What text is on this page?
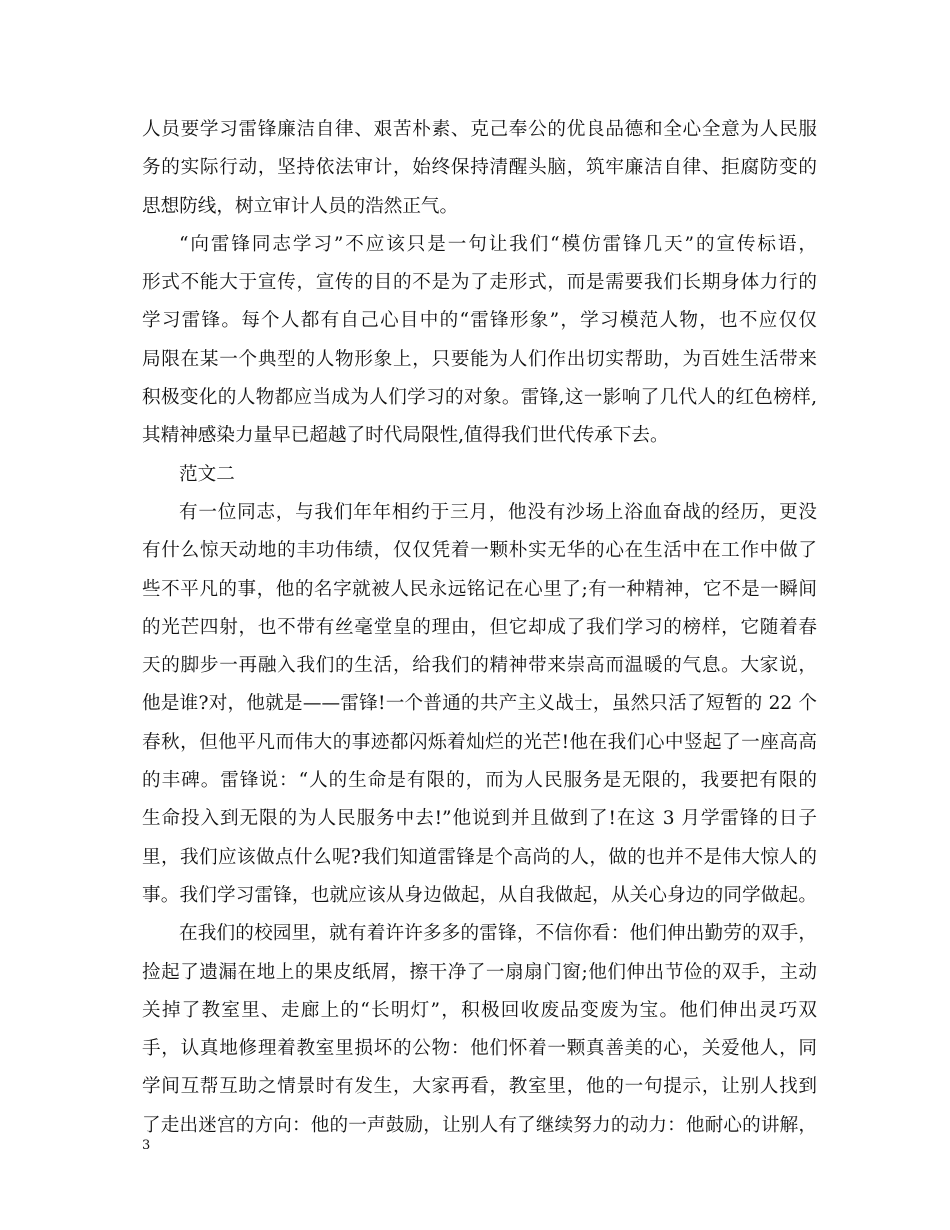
人员要学习雷锋廉洁自律、艰苦朴素、克己奉公的优良品德和全心全意为人民服
务的实际行动，坚持依法审计，始终保持清醒头脑，筑牢廉洁自律、拒腐防变的
思想防线，树立审计人员的浩然正气。
“向雷锋同志学习”不应该只是一句让我们“模仿雷锋几天”的宣传标语，
形式不能大于宣传，宣传的目的不是为了走形式，而是需要我们长期身体力行的
学习雷锋。每个人都有自己心目中的“雷锋形象”，学习模范人物，也不应仅仅
局限在某一个典型的人物形象上，只要能为人们作出切实帮助，为百姓生活带来
积极变化的人物都应当成为人们学习的对象。雷锋,这一影响了几代人的红色榜样,
其精神感染力量早已超越了时代局限性,值得我们世代传承下去。
范文二
有一位同志，与我们年年相约于三月，他没有沙场上浴血奋战的经历，更没
有什么惊天动地的丰功伟绩，仅仅凭着一颗朴实无华的心在生活中在工作中做了
些不平凡的事，他的名字就被人民永远铭记在心里了;有一种精神，它不是一瞬间
的光芒四射，也不带有丝毫堂皇的理由，但它却成了我们学习的榜样，它随着春
天的脚步一再融入我们的生活，给我们的精神带来崇高而温暖的气息。大家说，
他是谁?对，他就是——雷锋!一个普通的共产主义战士，虽然只活了短暂的 22 个
春秋，但他平凡而伟大的事迹都闪烁着灿烂的光芒!他在我们心中竖起了一座高高
的丰碑。雷锋说：“人的生命是有限的，而为人民服务是无限的，我要把有限的
生命投入到无限的为人民服务中去!”他说到并且做到了!在这 3 月学雷锋的日子
里，我们应该做点什么呢?我们知道雷锋是个高尚的人，做的也并不是伟大惊人的
事。我们学习雷锋，也就应该从身边做起，从自我做起，从关心身边的同学做起。
在我们的校园里，就有着许许多多的雷锋，不信你看：他们伸出勤劳的双手，
捡起了遗漏在地上的果皮纸屑，擦干净了一扇扇门窗;他们伸出节俭的双手，主动
关掉了教室里、走廊上的“长明灯”，积极回收废品变废为宝。他们伸出灵巧双
手，认真地修理着教室里损坏的公物：他们怀着一颗真善美的心，关爱他人，同
学间互帮互助之情景时有发生，大家再看，教室里，他的一句提示，让别人找到
了走出迷宫的方向：他的一声鼓励，让别人有了继续努力的动力：他耐心的讲解，
3
